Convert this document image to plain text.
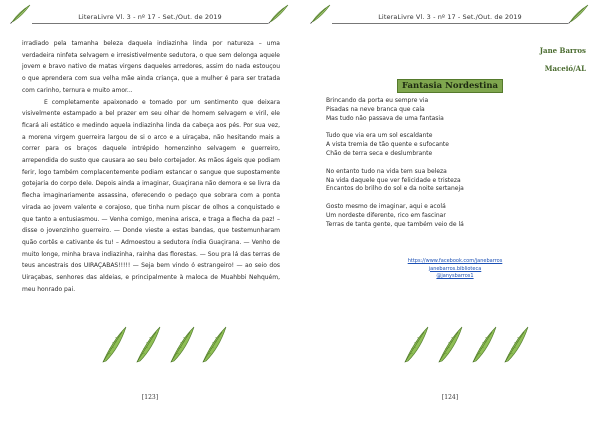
LiteraLivre Vl. 3 - nº 17 - Set./Out. de 2019

irradiado pela tamanha beleza daquela indiazinha linda por natureza – uma verdadeira ninfeta selvagem e irresistivelmente sedutora, o que sem delonga aquele jovem e bravo nativo de matas virgens daqueles arredores, assim do nada estouçou o que aprendera com sua velha mãe ainda criança, que a mulher é para ser tratada com carinho, ternura e muito amor...

E completamente apaixonado e tomado por um sentimento que deixara visivelmente estampado a bel prazer em seu olhar de homem selvagem e viril, ele ficará ali estático e medindo aquela indiazinha linda da cabeça aos pés. Por sua vez, a morena virgem guerreira largou de si o arco e a uiraçaba, não hesitando mais a correr para os braços daquele intrépido homenzinho selvagem e guerreiro, arrependida do susto que causara ao seu belo cortejador. As mãos ágeis que podiam ferir, logo também complacentemente podiam estancar o sangue que supostamente gotejaria do corpo dele. Depois ainda a imaginar, Guaçirana não demora e se livra da flecha imaginariamente assassina, oferecendo o pedaço que sobrara com a ponta virada ao jovem valente e corajoso, que tinha num piscar de olhos a conquistado e que tanto a entusiasmou. — Venha comigo, menina arisca, e traga a flecha da paz! – disse o jovenzinho guerreiro. — Donde vieste a estas bandas, que testemunharam quão cortês e cativante és tu! – Admoestou a sedutora índia Guaçirana. — Venho de muito longe, minha brava indiazinha, rainha das florestas. — Sou pra lá das terras de teus ancestrais dos UIRAÇABAS!!!!! — Seja bem vindo ó estrangeiro! — ao seio dos Uiraçabas, senhores das aldeias, e principalmente à maloca de Muahbbi Nehquém, meu honrado pai.

[123]
LiteraLivre Vl. 3 - nº 17 - Set./Out. de 2019
Jane Barros
Maceió/AL
Fantasia Nordestina
Brincando da porta eu sempre via
Pisadas na neve branca que caía
Mas tudo não passava de uma fantasia
Tudo que via era um sol escaldante
A vista tremia de tão quente e sufocante
Chão de terra seca e deslumbrante
No entanto tudo na vida tem sua beleza
Na vida daquele que ver felicidade e tristeza
Encantos do brilho do sol e da noite sertaneja
Gosto mesmo de imaginar, aqui e acolá
Um nordeste diferente, rico em fascinar
Terras de tanta gente, que também veio de lá
https://www.facebook.com/janebarros
janebarros.biblioteca
@janysbarros1
[124]
